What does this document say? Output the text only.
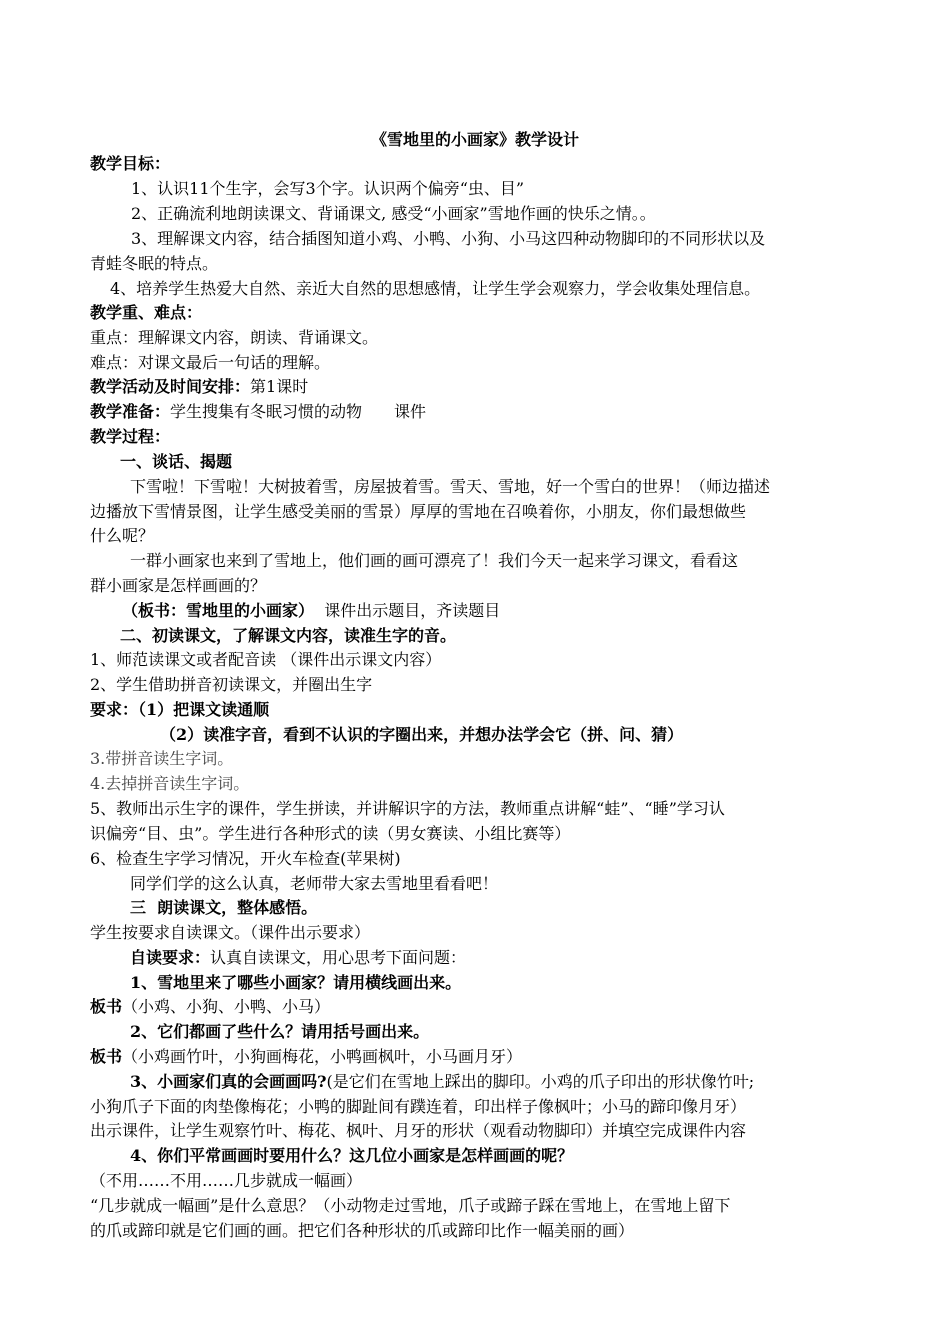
《雪地里的小画家》教学设计
教学目标：
1、认识11个生字，会写3个字。认识两个偏旁“虫、目”
2、正确流利地朗读课文、背诵课文, 感受“小画家”雪地作画的快乐之情。。
3、理解课文内容，结合插图知道小鸡、小鸭、小狗、小马这四种动物脚印的不同形状以及
青蛙冬眠的特点。
4、培养学生热爱大自然、亲近大自然的思想感情，让学生学会观察力，学会收集处理信息。
教学重、难点：
重点：理解课文内容，朗读、背诵课文。
难点：对课文最后一句话的理解。
教学活动及时间安排：第1课时
教学准备：学生搜集有冬眠习惯的动物　　课件
教学过程：
一、谈话、揭题
下雪啦！下雪啦！大树披着雪，房屋披着雪。雪天、雪地，好一个雪白的世界！（师边描述
边播放下雪情景图，让学生感受美丽的雪景）厚厚的雪地在召唤着你，小朋友，你们最想做些
什么呢？
一群小画家也来到了雪地上，他们画的画可漂亮了！我们今天一起来学习课文，看看这
群小画家是怎样画画的？
（板书：雪地里的小画家） 课件出示题目，齐读题目
二、初读课文，了解课文内容，读准生字的音。
1、师范读课文或者配音读 （课件出示课文内容）
2、学生借助拼音初读课文，并圈出生字
要求：（1）把课文读通顺
（2）读准字音，看到不认识的字圈出来，并想办法学会它（拼、问、猜）
3.带拼音读生字词。
4.去掉拼音读生字词。
5、教师出示生字的课件，学生拼读，并讲解识字的方法，教师重点讲解“蛙”、“睡”学习认
识偏旁“目、虫”。学生进行各种形式的读（男女赛读、小组比赛等）
6、检查生字学习情况，开火车检查(苹果树)
同学们学的这么认真，老师带大家去雪地里看看吧！
三  朗读课文，整体感悟。
学生按要求自读课文。（课件出示要求）
自读要求：认真自读课文，用心思考下面问题：
1、雪地里来了哪些小画家？请用横线画出来。
板书（小鸡、小狗、小鸭、小马）
2、它们都画了些什么？请用括号画出来。
板书（小鸡画竹叶，小狗画梅花，小鸭画枫叶，小马画月牙）
3、小画家们真的会画画吗?(是它们在雪地上踩出的脚印。小鸡的爪子印出的形状像竹叶;
小狗爪子下面的肉垫像梅花；小鸭的脚趾间有蹼连着，印出样子像枫叶；小马的蹄印像月牙）
出示课件，让学生观察竹叶、梅花、枫叶、月牙的形状（观看动物脚印）并填空完成课件内容
4、你们平常画画时要用什么？这几位小画家是怎样画画的呢？
（不用……不用……几步就成一幅画）
“几步就成一幅画”是什么意思？（小动物走过雪地，爪子或蹄子踩在雪地上，在雪地上留下
的爪或蹄印就是它们画的画。把它们各种形状的爪或蹄印比作一幅美丽的画）
